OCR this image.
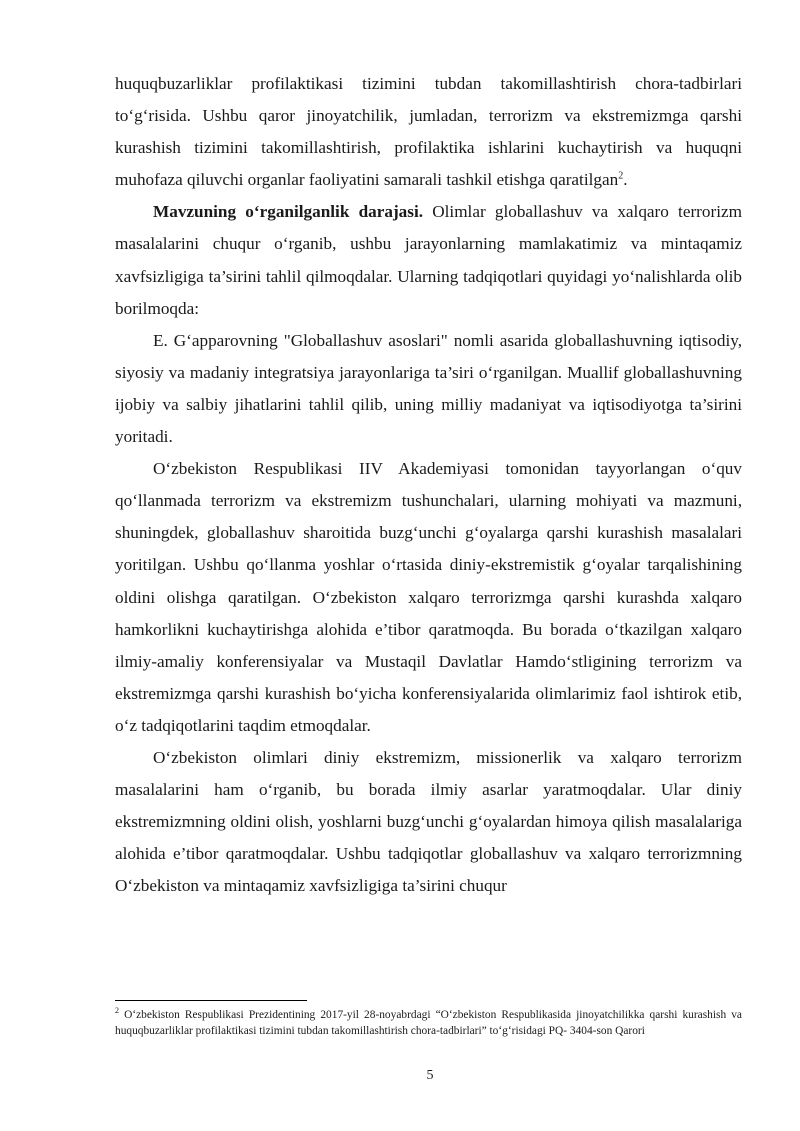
huquqbuzarliklar profilaktikasi tizimini tubdan takomillashtirish chora-tadbirlari to‘g‘risida. Ushbu qaror jinoyatchilik, jumladan, terrorizm va ekstremizmga qarshi kurashish tizimini takomillashtirish, profilaktika ishlarini kuchaytirish va huquqni muhofaza qiluvchi organlar faoliyatini samarali tashkil etishga qaratilgan$^2$.

Mavzuning o‘rganilganlik darajasi. Olimlar globallashuv va xalqaro terrorizm masalalarini chuqur o‘rganib, ushbu jarayonlarning mamlakatimiz va mintaqamiz xavfsizligiga ta’sirini tahlil qilmoqdalar. Ularning tadqiqotlari quyidagi yo‘nalishlarda olib borilmoqda:

E. G‘apparovning "Globallashuv asoslari" nomli asarida globallashuvning iqtisodiy, siyosiy va madaniy integratsiya jarayonlariga ta’siri o‘rganilgan. Muallif globallashuvning ijobiy va salbiy jihatlarini tahlil qilib, uning milliy madaniyat va iqtisodiyotga ta’sirini yoritadi.

O‘zbekiston Respublikasi IIV Akademiyasi tomonidan tayyorlangan o‘quv qo‘llanmada terrorizm va ekstremizm tushunchalari, ularning mohiyati va mazmuni, shuningdek, globallashuv sharoitida buzg‘unchi g‘oyalarga qarshi kurashish masalalari yoritilgan. Ushbu qo‘llanma yoshlar o‘rtasida diniy-ekstremistik g‘oyalar tarqalishining oldini olishga qaratilgan. O‘zbekiston xalqaro terrorizmga qarshi kurashda xalqaro hamkorlikni kuchaytirishga alohida e’tibor qaratmoqda. Bu borada o‘tkazilgan xalqaro ilmiy-amaliy konferensiyalar va Mustaqil Davlatlar Hamdo‘stligining terrorizm va ekstremizmga qarshi kurashish bo‘yicha konferensiyalarida olimlarimiz faol ishtirok etib, o‘z tadqiqotlarini taqdim etmoqdalar.

O‘zbekiston olimlari diniy ekstremizm, missionerlik va xalqaro terrorizm masalalarini ham o‘rganib, bu borada ilmiy asarlar yaratmoqdalar. Ular diniy ekstremizmning oldini olish, yoshlarni buzg‘unchi g‘oyalardan himoya qilish masalalariga alohida e’tibor qaratmoqdalar. Ushbu tadqiqotlar globallashuv va xalqaro terrorizmning O‘zbekiston va mintaqamiz xavfsizligiga ta’sirini chuqur

$^2$ O‘zbekiston Respublikasi Prezidentining 2017-yil 28-noyabrdagi “O‘zbekiston Respublikasida jinoyatchilikka qarshi kurashish va huquqbuzarliklar profilaktikasi tizimini tubdan takomillashtirish chora-tadbirlari” to‘g‘risidagi PQ- 3404-son Qarori
5
